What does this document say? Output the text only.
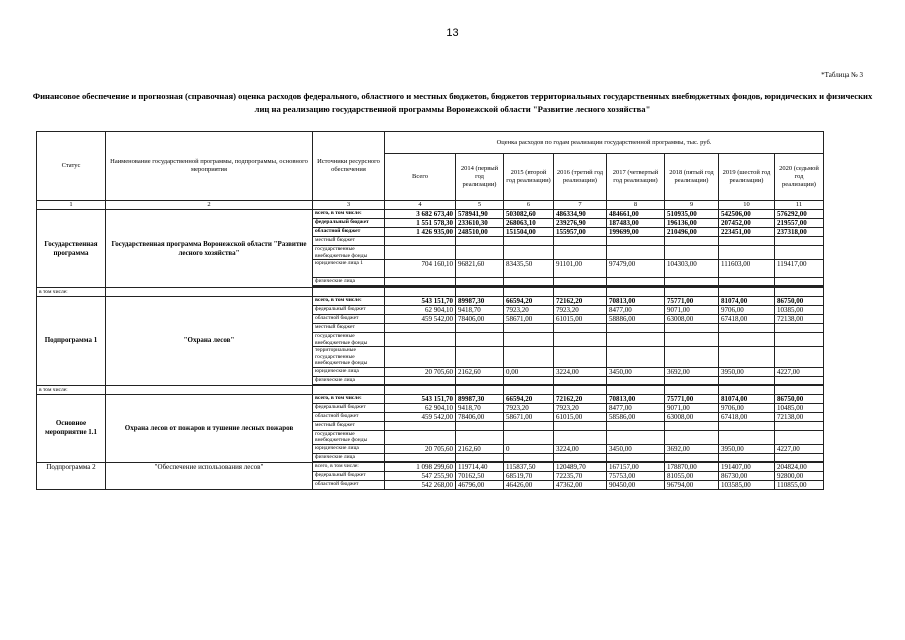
13
*Таблица № 3
Финансовое обеспечение и прогнозная (справочная) оценка расходов федерального, областного и местных бюджетов, бюджетов территориальных государственных внебюджетных фондов, юридических и физических лиц на реализацию государственной программы Воронежской области "Развитие лесного хозяйства"
Статус	Наименование государственной программы, подпрограммы, основного мероприятия	Источники ресурсного обеспечения	Оценка расходов по годам реализации государственной программы, тыс. руб.							
			Всего	2014 (первый год реализации)	2015 (второй год реализации)	2016 (третий год реализации)	2017 (четвертый год реализации)	2018 (пятый год реализации)	2019 (шестой год реализации)	2020 (седьмой год реализации)
1	2	3	4	5	6	7	8	9	10	11
Государственная программа	Государственная программа Воронежской области "Развитие лесного хозяйства"	всего, в том числе:	3 682 673,40	578941,90	503082,60	486334,90	484661,00	510935,00	542506,00	576292,00
		федеральный бюджет	1 551 578,30	233610,30	268063,10	239276,90	187483,00	196136,00	207452,00	219557,00
		областной бюджет	1 426 935,00	248510,00	151504,00	155957,00	199699,00	210496,00	223451,00	237318,00
		местный бюджет								
		государственные внебюджетные фонды								
		юридические лица 1	704 160,10	96821,60	83435,50	91101,00	97479,00	104303,00	111603,00	119417,00
		физические лица								

в том числе:										
Подпрограмма 1	"Охрана лесов"	всего, в том числе:	543 151,70	89987,30	66594,20	72162,20	70813,00	75771,00	81074,00	86750,00
		федеральный бюджет	62 904,10	9418,70	7923,20	7923,20	8477,00	9071,00	9706,00	10385,00
		областной бюджет	459 542,00	78406,00	58671,00	61015,00	58886,00	63008,00	67418,00	72138,00
		местный бюджет								
		государственные внебюджетные фонды								
		территориальные государственные внебюджетные фонды								
		юридические лица	20 705,60	2162,60	0,00	3224,00	3450,00	3692,00	3950,00	4227,00
		физические лица								

в том числе:										
Основное мероприятие 1.1	Охрана лесов от пожаров и тушение лесных пожаров	всего, в том числе:	543 151,70	89987,30	66594,20	72162,20	70813,00	75771,00	81074,00	86750,00
		федеральный бюджет	62 904,10	9418,70	7923,20	7923,20	8477,00	9071,00	9706,00	10485,00
		областной бюджет	459 542,00	78406,00	58671,00	61015,00	58586,00	63008,00	67418,00	72138,00
		местный бюджет								
		государственные внебюджетные фонды								
		юридические лица	20 705,60	2162,60	0	3224,00	3450,00	3692,00	3950,00	4227,00
		физические лица								

Подпрограмма 2	"Обеспечение использования лесов"	всего, в том числе:	1 098 299,60	119714,40	115837,50	120489,70	167157,00	178870,00	191407,00	204824,00
		федеральный бюджет	547 255,90	70162,50	68519,70	72235,70	75753,00	81055,00	86730,00	92800,00
		областной бюджет	542 268,00	46796,00	46426,00	47362,00	90450,00	96794,00	103585,00	110855,00
